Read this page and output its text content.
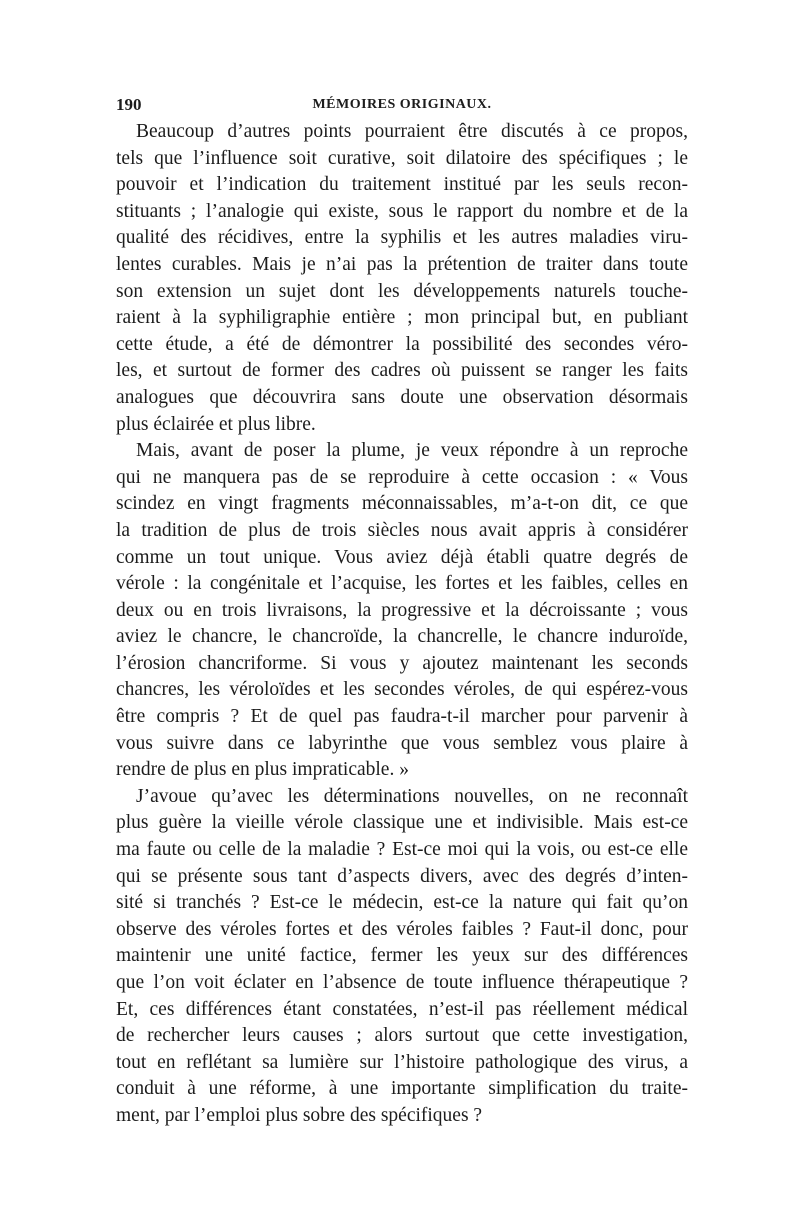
190	MÉMOIRES ORIGINAUX.

Beaucoup d’autres points pourraient être discutés à ce propos,
tels que l’influence soit curative, soit dilatoire des spécifiques ; le
pouvoir et l’indication du traitement institué par les seuls recon-
stituants ; l’analogie qui existe, sous le rapport du nombre et de la
qualité des récidives, entre la syphilis et les autres maladies viru-
lentes curables. Mais je n’ai pas la prétention de traiter dans toute
son extension un sujet dont les développements naturels touche-
raient à la syphiligraphie entière ; mon principal but, en publiant
cette étude, a été de démontrer la possibilité des secondes véro-
les, et surtout de former des cadres où puissent se ranger les faits
analogues que découvrira sans doute une observation désormais
plus éclairée et plus libre.

Mais, avant de poser la plume, je veux répondre à un reproche
qui ne manquera pas de se reproduire à cette occasion : « Vous
scindez en vingt fragments méconnaissables, m’a-t-on dit, ce que
la tradition de plus de trois siècles nous avait appris à considérer
comme un tout unique. Vous aviez déjà établi quatre degrés de
vérole : la congénitale et l’acquise, les fortes et les faibles, celles en
deux ou en trois livraisons, la progressive et la décroissante ; vous
aviez le chancre, le chancroïde, la chancrelle, le chancre induroïde,
l’érosion chancriforme. Si vous y ajoutez maintenant les seconds
chancres, les véroloïdes et les secondes véroles, de qui espérez-vous
être compris ? Et de quel pas faudra-t-il marcher pour parvenir à
vous suivre dans ce labyrinthe que vous semblez vous plaire à
rendre de plus en plus impraticable. »

J’avoue qu’avec les déterminations nouvelles, on ne reconnaît
plus guère la vieille vérole classique une et indivisible. Mais est-ce
ma faute ou celle de la maladie ? Est-ce moi qui la vois, ou est-ce elle
qui se présente sous tant d’aspects divers, avec des degrés d’inten-
sité si tranchés ? Est-ce le médecin, est-ce la nature qui fait qu’on
observe des véroles fortes et des véroles faibles ? Faut-il donc, pour
maintenir une unité factice, fermer les yeux sur des différences
que l’on voit éclater en l’absence de toute influence thérapeutique ?
Et, ces différences étant constatées, n’est-il pas réellement médical
de rechercher leurs causes ; alors surtout que cette investigation,
tout en reflétant sa lumière sur l’histoire pathologique des virus, a
conduit à une réforme, à une importante simplification du traite-
ment, par l’emploi plus sobre des spécifiques ?
